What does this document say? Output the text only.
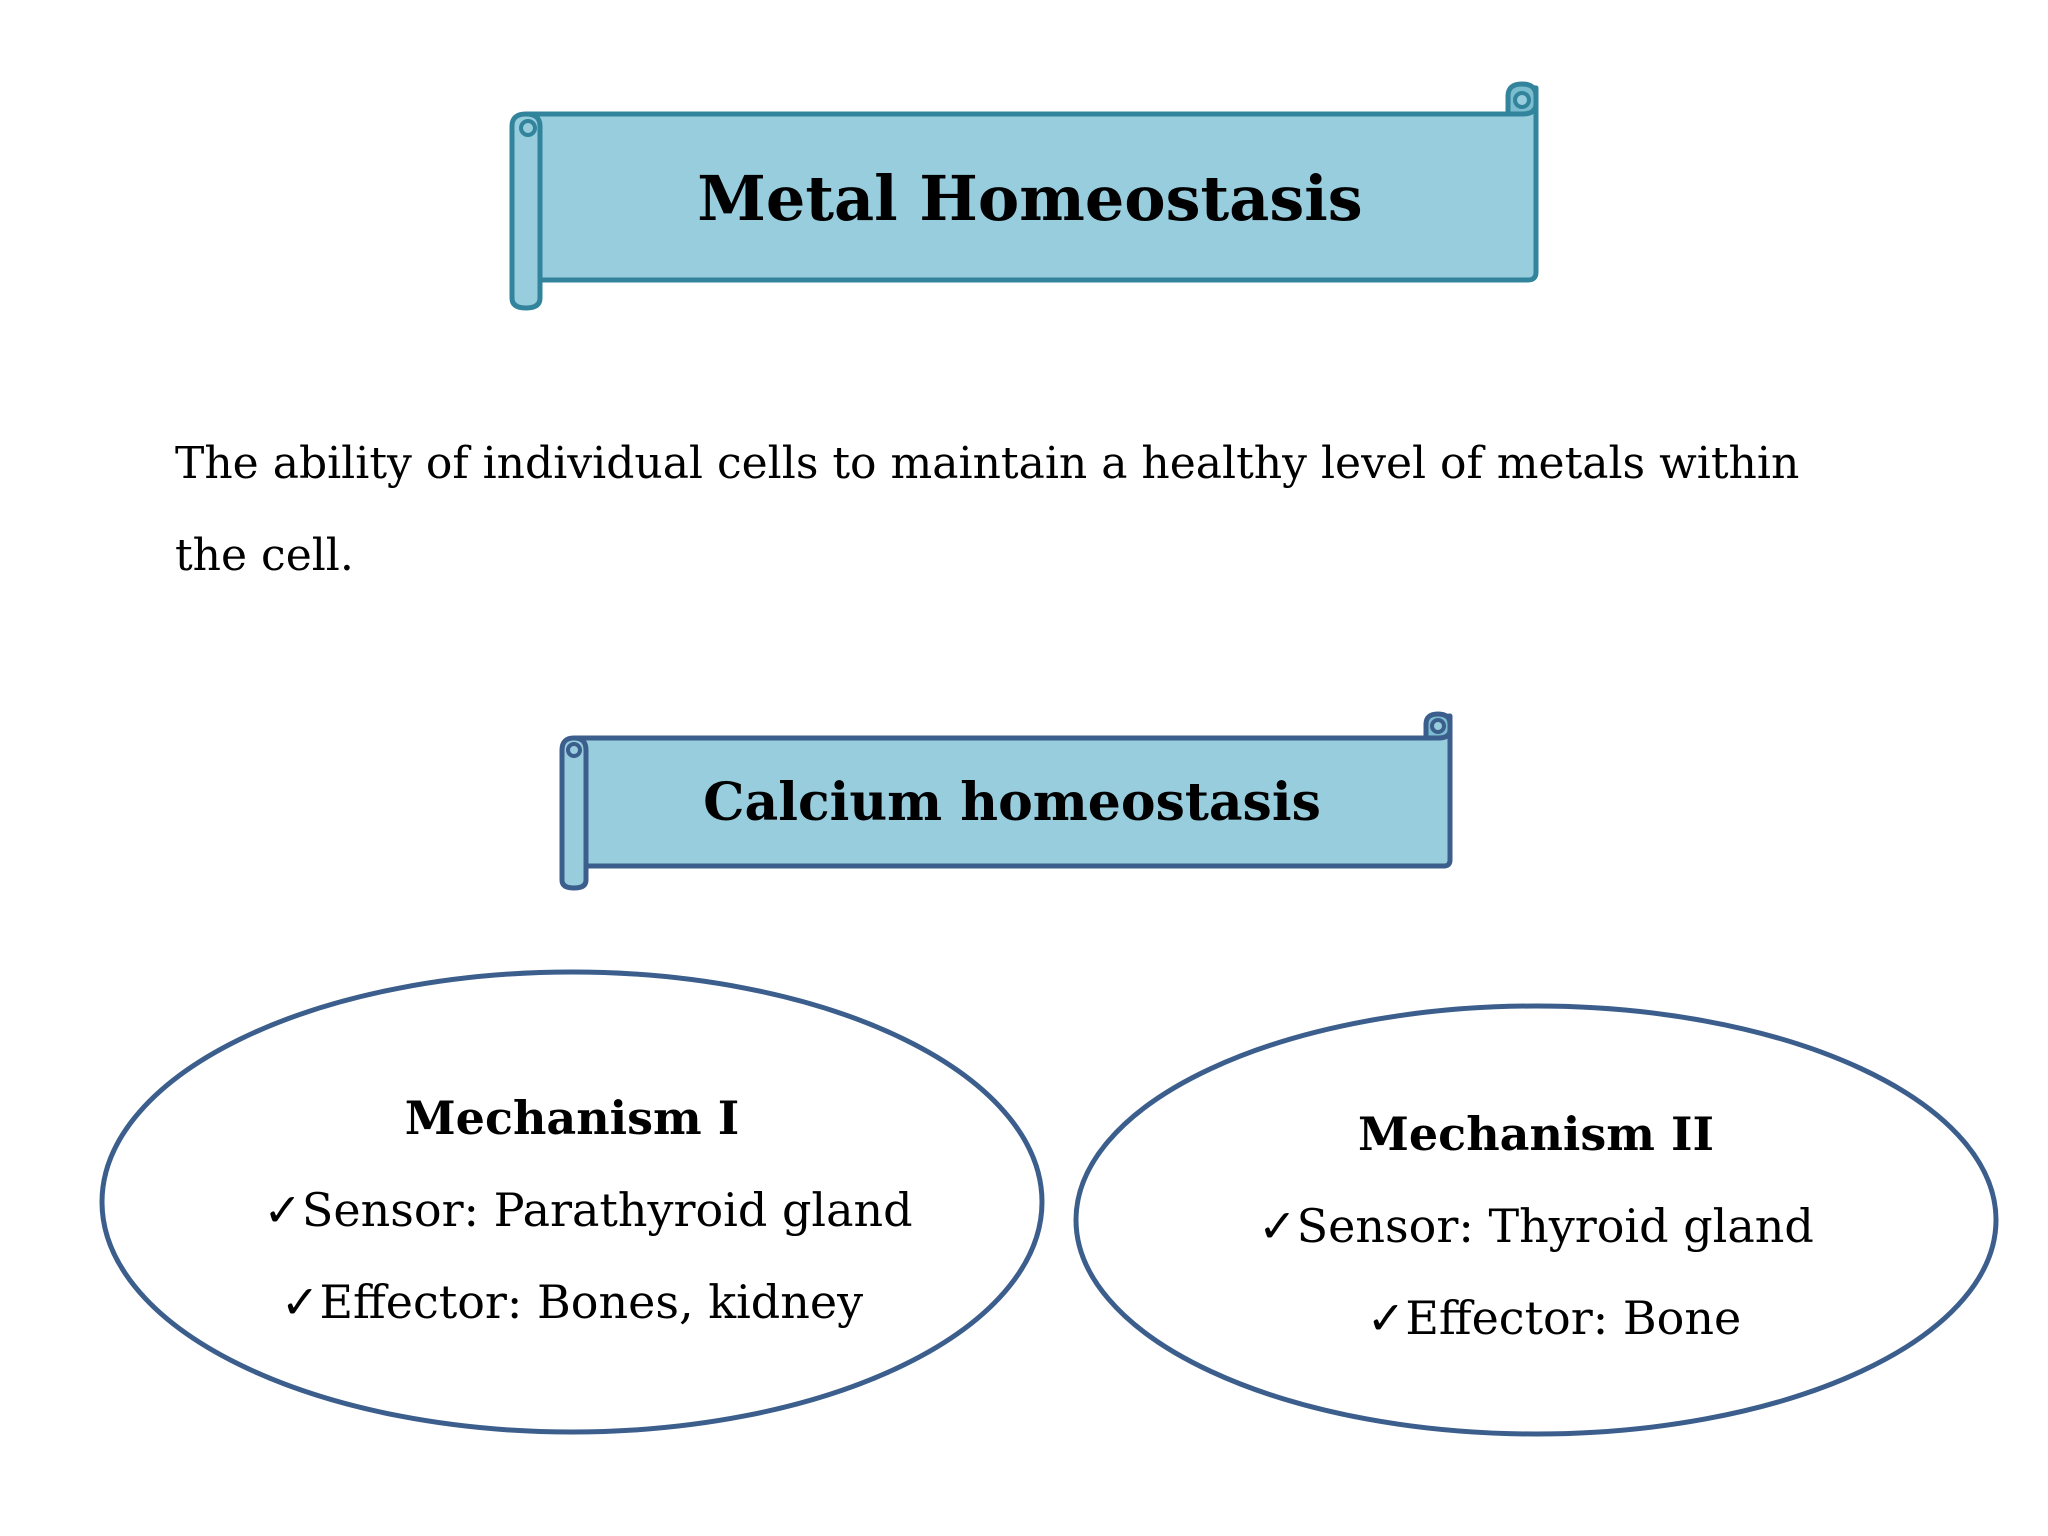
Metal Homeostasis
Calcium homeostasis
Mechanism I
✓Sensor: Parathyroid gland
✓Effector: Bones, kidney
Mechanism II
✓Sensor: Thyroid gland
✓Effector: Bone

The ability of individual cells to maintain a healthy level of metals within the cell.
